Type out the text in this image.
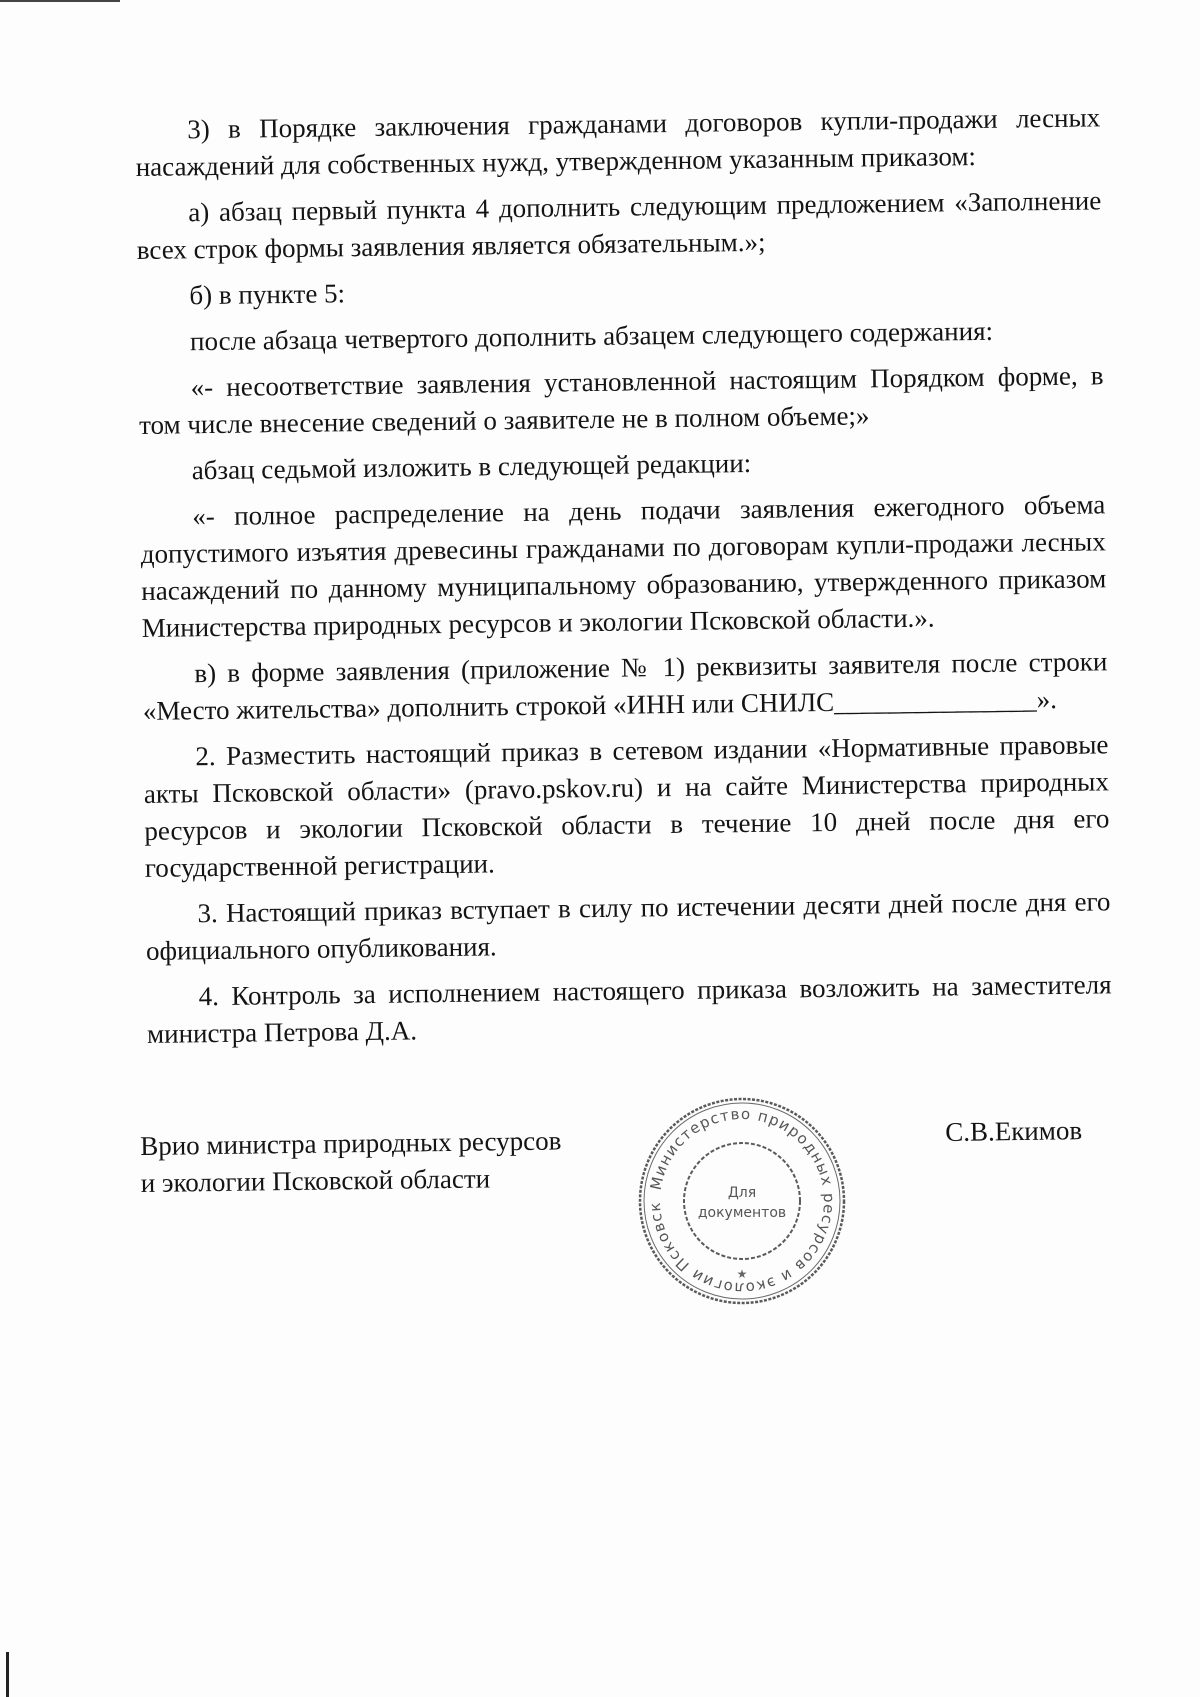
3) в Порядке заключения гражданами договоров купли-продажи лесных насаждений для собственных нужд, утвержденном указанным приказом:

а) абзац первый пункта 4 дополнить следующим предложением «Заполнение всех строк формы заявления является обязательным.»;

б) в пункте 5:

после абзаца четвертого дополнить абзацем следующего содержания:

«- несоответствие заявления установленной настоящим Порядком форме, в том числе внесение сведений о заявителе не в полном объеме;»

абзац седьмой изложить в следующей редакции:

«- полное распределение на день подачи заявления ежегодного объема допустимого изъятия древесины гражданами по договорам купли-продажи лесных насаждений по данному муниципальному образованию, утвержденного приказом Министерства природных ресурсов и экологии Псковской области.».

в) в форме заявления (приложение № 1) реквизиты заявителя после строки «Место жительства» дополнить строкой «ИНН или СНИЛС_______________».

2. Разместить настоящий приказ в сетевом издании «Нормативные правовые акты Псковской области» (pravo.pskov.ru) и на сайте Министерства природных ресурсов и экологии Псковской области в течение 10 дней после дня его государственной регистрации.

3. Настоящий приказ вступает в силу по истечении десяти дней после дня его официального опубликования.

4. Контроль за исполнением настоящего приказа возложить на заместителя министра Петрова Д.А.

Врио министра природных ресурсов
и экологии Псковской области	Министерство природных ресурсов и экологии Псковск
Для
документов
★
С.В.Екимов
